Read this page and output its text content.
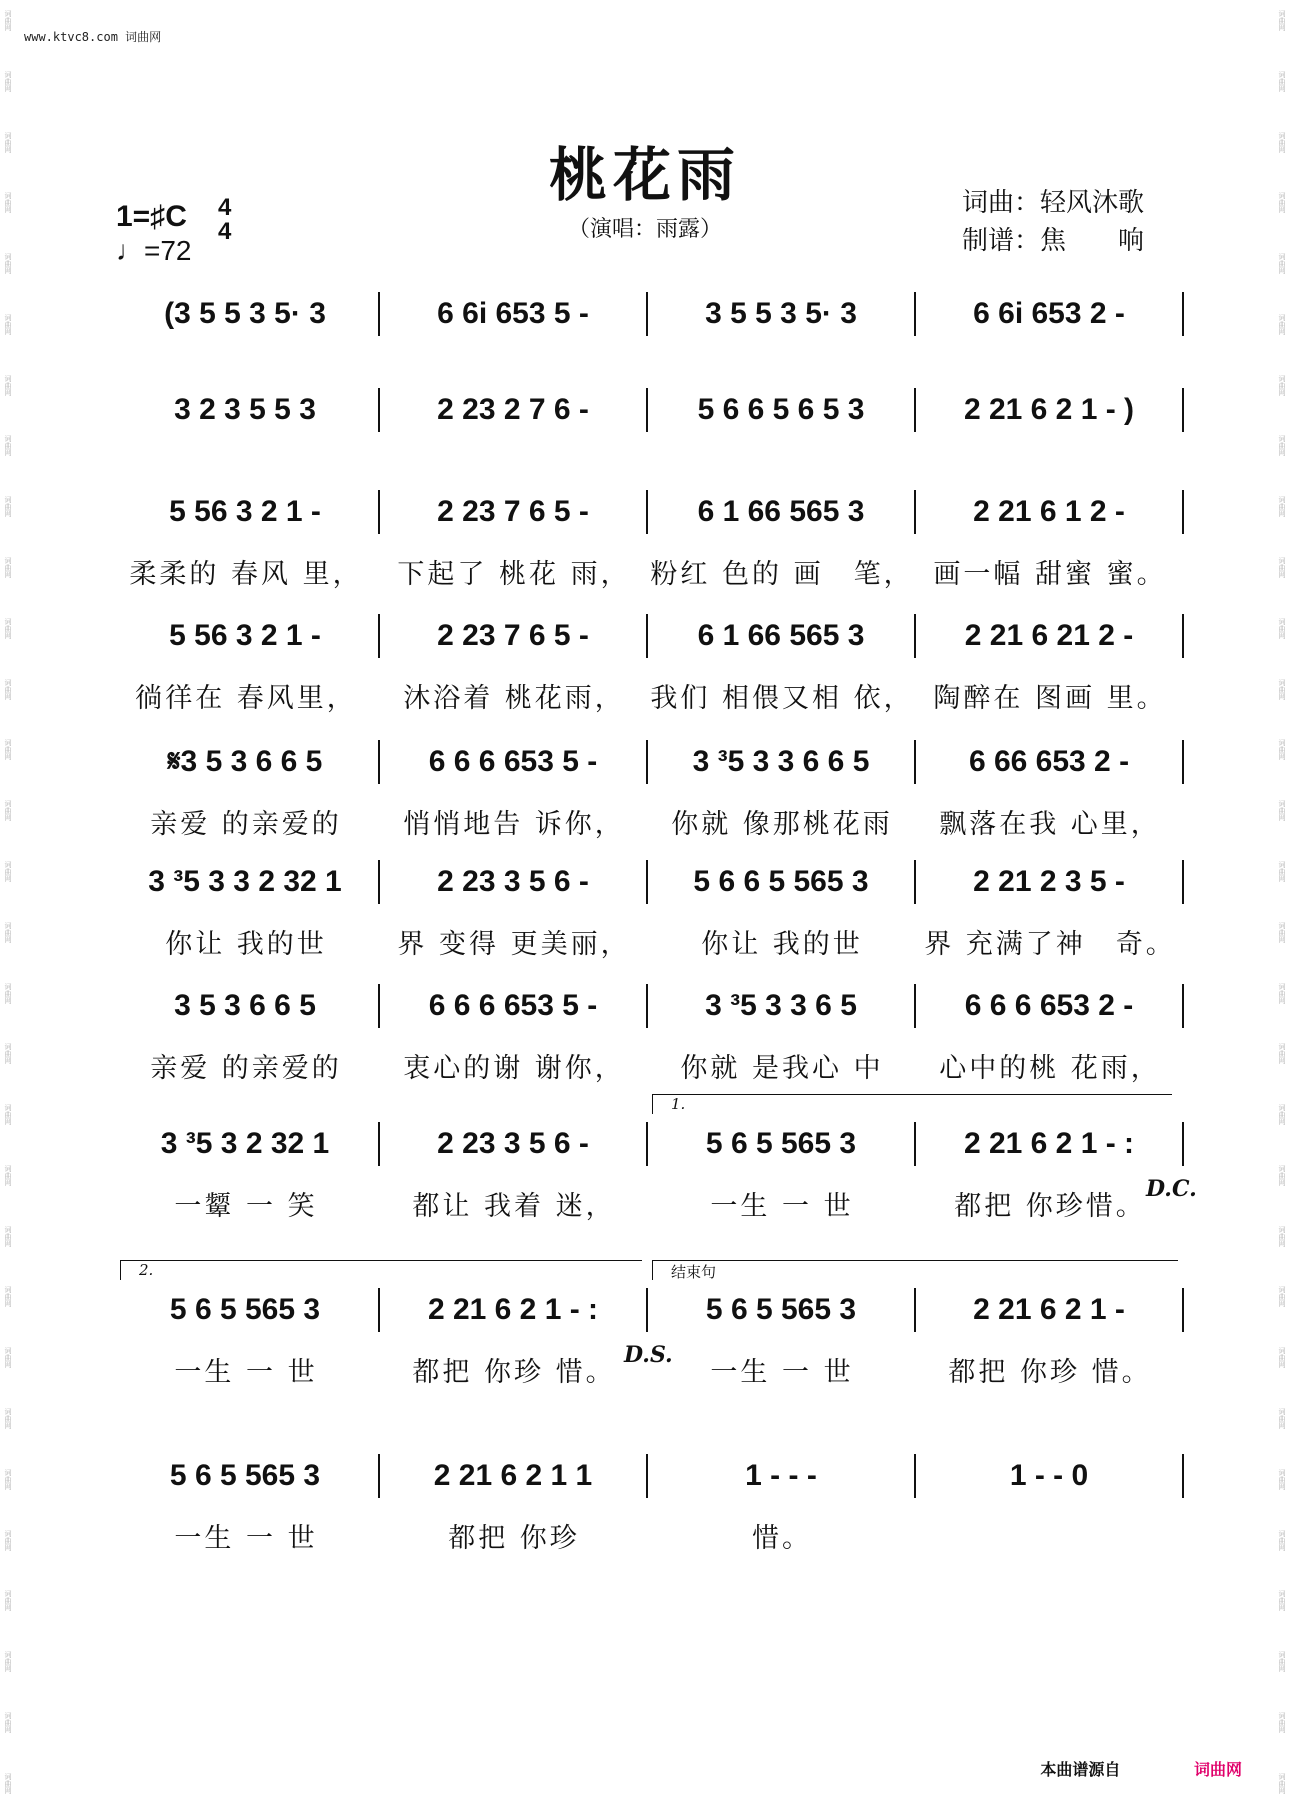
词曲网
词曲网
词曲网
词曲网
词曲网
词曲网
词曲网
词曲网
词曲网
词曲网
词曲网
词曲网
词曲网
词曲网
词曲网
词曲网
词曲网
词曲网
词曲网
词曲网
词曲网
词曲网
词曲网
词曲网
词曲网
词曲网
词曲网
词曲网
词曲网
词曲网
词曲网
词曲网
词曲网
词曲网
词曲网
词曲网
词曲网
词曲网
词曲网
词曲网
词曲网
词曲网
词曲网
词曲网
词曲网
词曲网
词曲网
词曲网
词曲网
词曲网
词曲网
词曲网
词曲网
词曲网
词曲网
词曲网
词曲网
词曲网
词曲网
词曲网
www.ktvc8.com 词曲网
桃花雨
（演唱：雨露）
词曲：轻风沐歌
制谱：焦　　响
1=♯C
♩=72
4
4
(3 5 5 3 5· 3	6 6i 653 5 -	3 5 5 3 5· 3	6 6i 653 2 -
3 2 3 5 5 3	2 23 2 7 6 -	5 6 6 5 6 5 3	2 21 6 2 1 - )
5 56 3 2 1 -	2 23 7 6 5 -	6 1 66 565 3	2 21 6 1 2 -
柔柔的 春风 里，	下起了 桃花 雨， 粉红 色的 画　笔， 画一幅 甜蜜 蜜。
5 56 3 2 1 -	2 23 7 6 5 -	6 1 66 565 3	2 21 6 21 2 -
徜徉在 春风里，	沐浴着 桃花雨， 我们 相偎又相 依， 陶醉在 图画 里。
𝄋3 5 3 6 6 5	6 6 6 653 5 -	3 ³5 3 3 6 6 5	6 66 653 2 -
亲爱 的亲爱的	悄悄地告 诉你，	你就 像那桃花雨	飘落在我 心里，
3 ³5 3 3 2 32 1	2 23 3 5 6 -	5 6 6 5 565 3	2 21 2 3 5 -
你让 我的世	界 变得 更美丽，	你让 我的世	界 充满了神　奇。
3 5 3 6 6 5	6 6 6 653 5 -	3 ³5 3 3 6 5	6 6 6 653 2 -
亲爱 的亲爱的	衷心的谢 谢你，	你就 是我心 中	心中的桃 花雨，
1.
3 ³5 3 2 32 1	2 23 3 5 6 -	5 6 5 565 3	2 21 6 2 1 - :
一颦 一 笑	都让 我着 迷，	一生 一 世	都把 你珍惜。
D.C.
2.	结束句
5 6 5 565 3	2 21 6 2 1 - :	5 6 5 565 3	2 21 6 2 1 -
一生 一 世	都把 你珍 惜。	一生 一 世	都把 你珍 惜。
D.S.
5 6 5 565 3	2 21 6 2 1 1	1 - - -	1 - - 0
一生 一 世	都把 你珍	惜。
本曲谱源自	词曲网
